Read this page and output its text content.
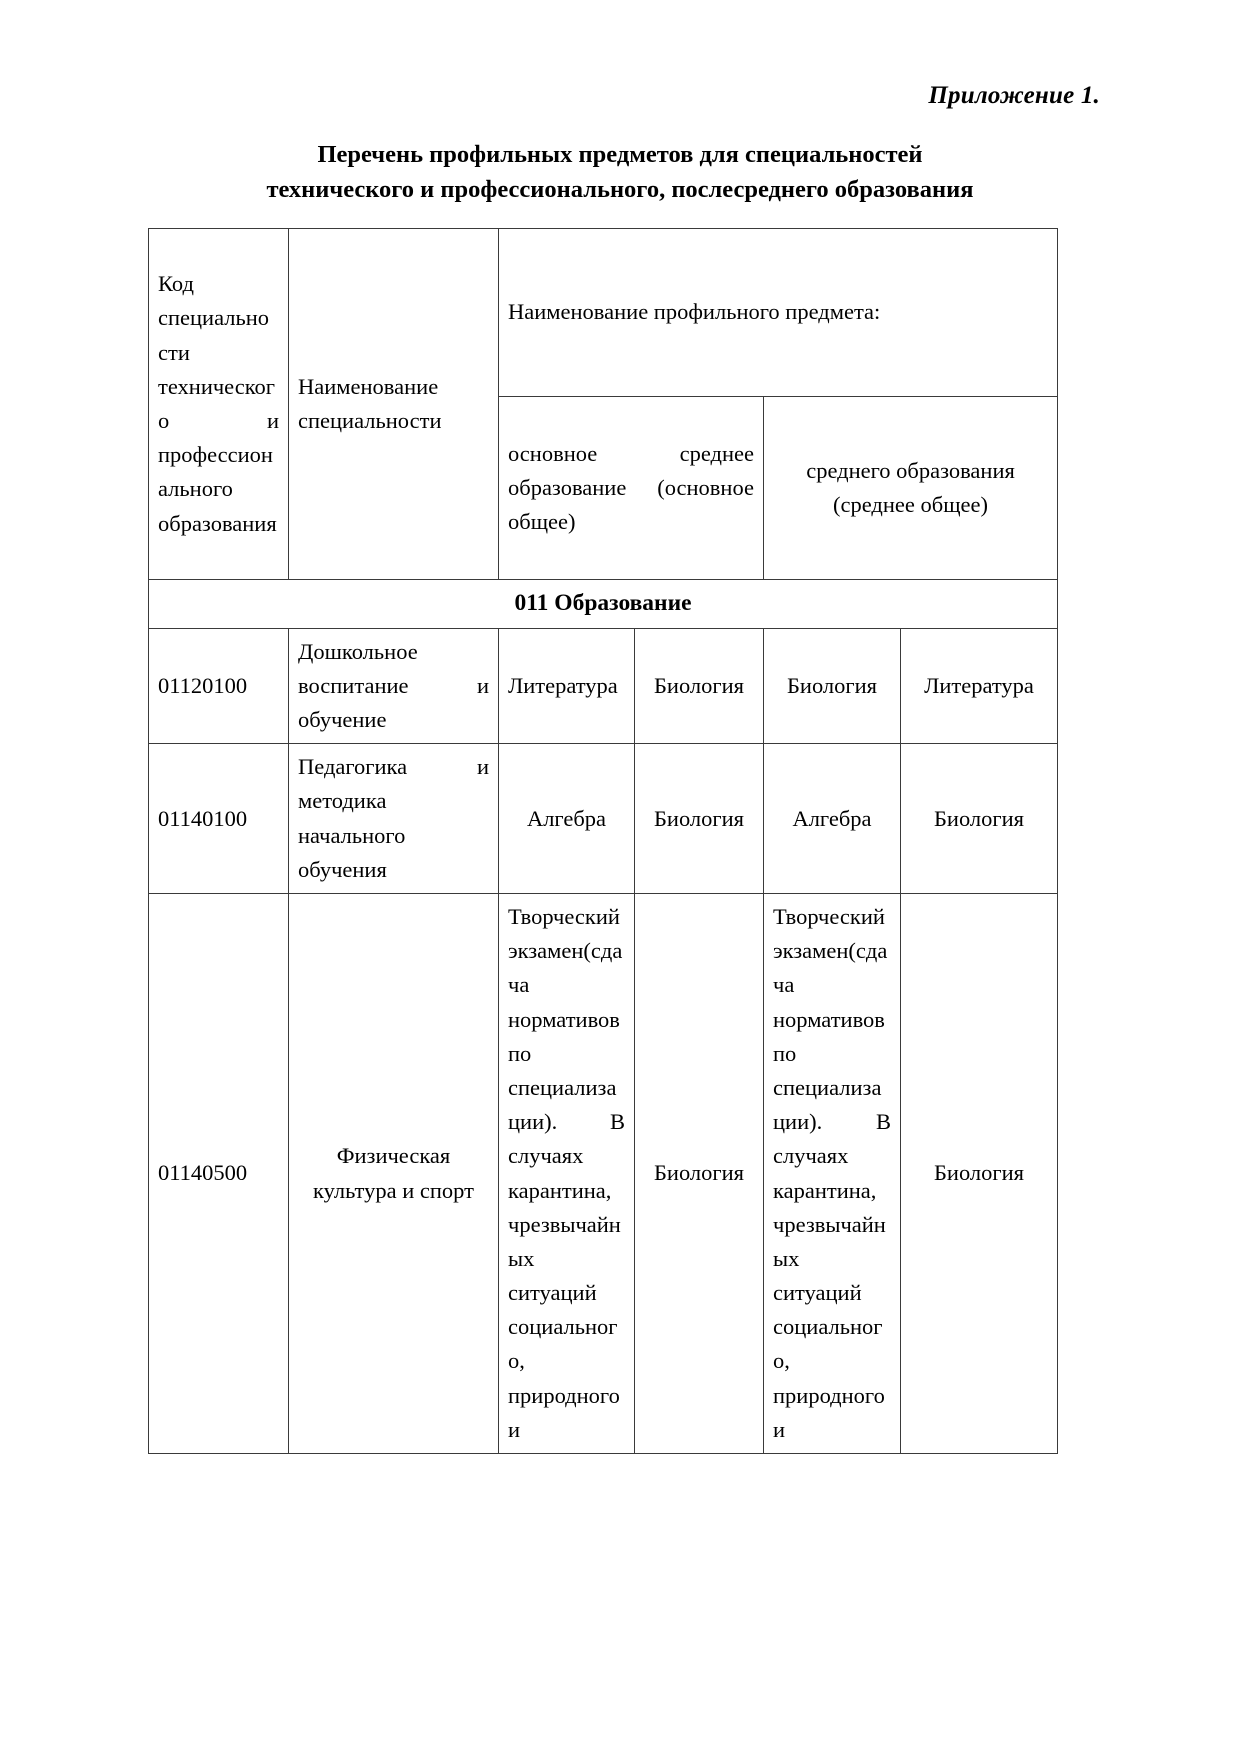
Приложение 1.
Перечень профильных предметов для специальностей
технического и профессионального, послесреднего образования
Код специальности технического и профессионального образования	Наименование специальности	Наименование профильного предмета:			
		основное среднее образование (основное общее)		среднего образования (среднее общее)	
011 Образование					
01120100	Дошкольное воспитание и обучение	Литература	Биология	Биология	Литература
01140100	Педагогика и методика начального обучения	Алгебра	Биология	Алгебра	Биология
01140500	Физическая культура и спорт	Творческий экзамен(сдача нормативов по специализации). В случаях карантина, чрезвычайных ситуаций социального, природного и	Биология	Творческий экзамен(сдача нормативов по специализации). В случаях карантина, чрезвычайных ситуаций социального, природного и	Биология
